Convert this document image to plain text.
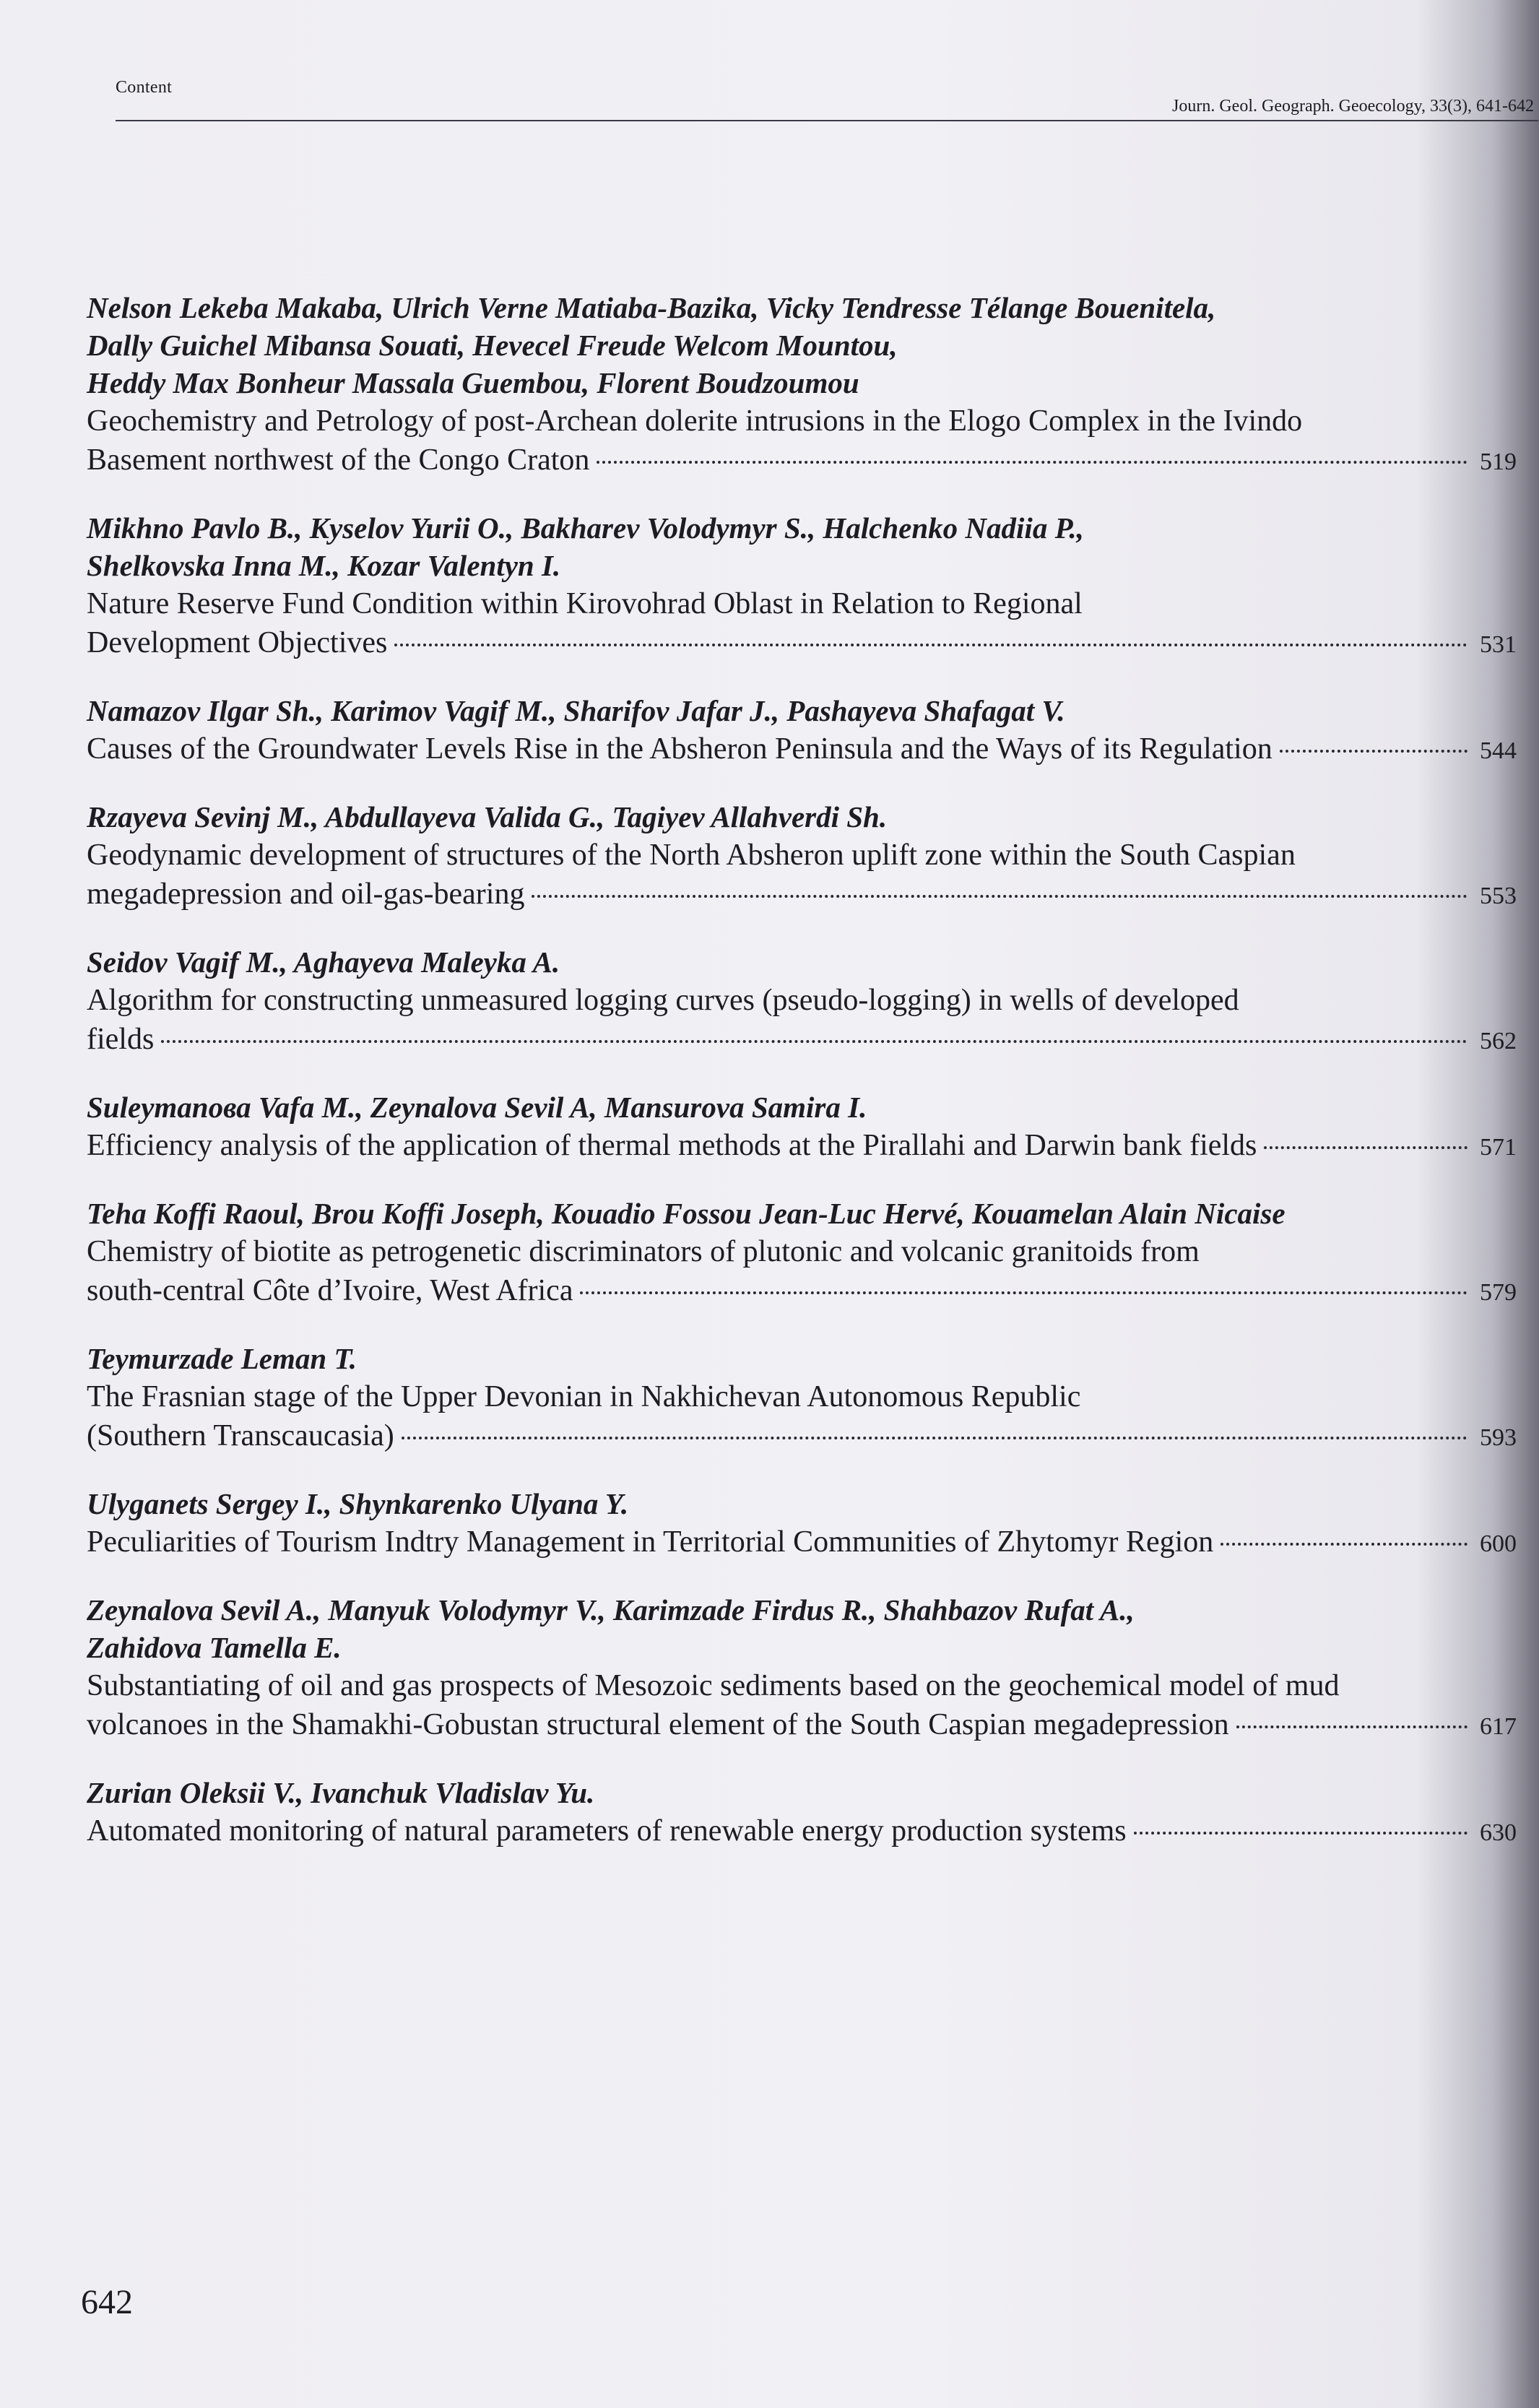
Content
Journ. Geol. Geograph. Geoecology, 33(3), 641-642
Nelson Lekeba Makaba, Ulrich Verne Matiaba-Bazika, Vicky Tendresse Télange Bouenitela,
Dally Guichel Mibansa Souati, Hevecel Freude Welcom Mountou,
Heddy Max Bonheur Massala Guembou, Florent Boudzoumou
Geochemistry and Petrology of post-Archean dolerite intrusions in the Elogo Complex in the Ivindo
Basement northwest of the Congo Craton	519
Mikhno Pavlo B., Kyselov Yurii O., Bakharev Volodymyr S., Halchenko Nadiia P.,
Shelkovska Inna M., Kozar Valentyn I.
Nature Reserve Fund Condition within Kirovohrad Oblast in Relation to Regional
Development Objectives	531
Namazov Ilgar Sh., Karimov Vagif M., Sharifov Jafar J., Pashayeva Shafagat V.
Causes of the Groundwater Levels Rise in the Absheron Peninsula and the Ways of its Regulation	544
Rzayeva Sevinj M., Abdullayeva Valida G., Tagiyev Allahverdi Sh.
Geodynamic development of structures of the North Absheron uplift zone within the South Caspian
megadepression and oil-gas-bearing	553
Seidov Vagif M., Aghayeva Maleyka A.
Algorithm for constructing unmeasured logging curves (pseudo-logging) in wells of developed
fields	562
Suleymanoва Vafa M., Zeynalova Sevil A, Mansurova Samira I.
Efficiency analysis of the application of thermal methods at the Pirallahi and Darwin bank fields	571
Teha Koffi Raoul, Brou Koffi Joseph, Kouadio Fossou Jean-Luc Hervé, Kouamelan Alain Nicaise
Chemistry of biotite as petrogenetic discriminators of plutonic and volcanic granitoids from
south-central Côte d’Ivoire, West Africa	579
Teymurzade Leman T.
The Frasnian stage of the Upper Devonian in Nakhichevan Autonomous Republic
(Southern Transcaucasia)	593
Ulyganets Sergey I., Shynkarenko Ulyana Y.
Peculiarities of Tourism Indtry Management in Territorial Communities of Zhytomyr Region	600
Zeynalova Sevil A., Manyuk Volodymyr V., Karimzade Firdus R., Shahbazov Rufat A.,
Zahidova Tamella E.
Substantiating of oil and gas prospects of Mesozoic sediments based on the geochemical model of mud
volcanoes in the Shamakhi-Gobustan structural element of the South Caspian megadepression	617
Zurian Oleksii V., Ivanchuk Vladislav Yu.
Automated monitoring of natural parameters of renewable energy production systems	630
642
